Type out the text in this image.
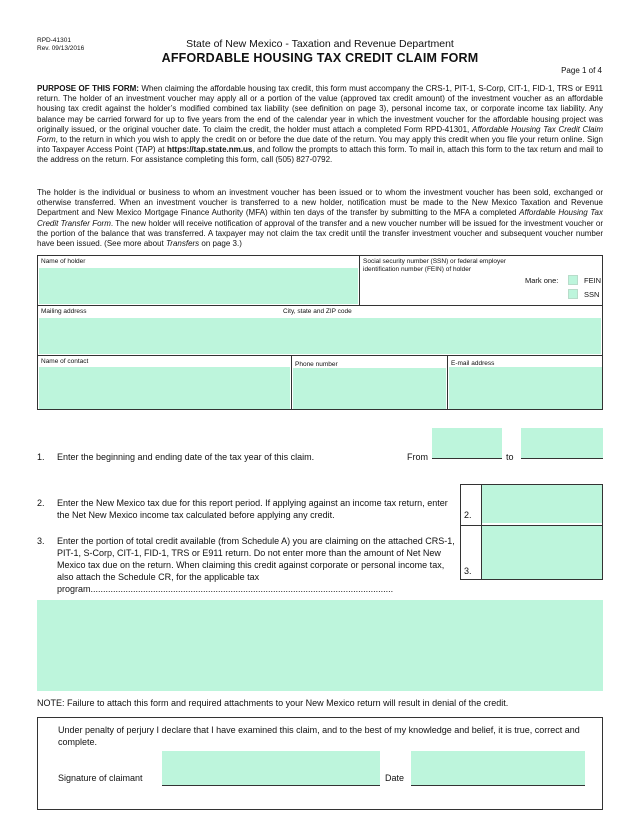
RPD-41301
Rev. 09/13/2016	State of New Mexico - Taxation and Revenue Department
AFFORDABLE HOUSING TAX CREDIT CLAIM FORM
Page 1 of 4
PURPOSE OF THIS FORM: When claiming the affordable housing tax credit, this form must accompany the CRS-1, PIT-1, S-Corp, CIT-1, FID-1, TRS or E911 return. The holder of an investment voucher may apply all or a portion of the value (approved tax credit amount) of the investment voucher as an affordable housing tax credit against the holder’s modified combined tax liability (see definition on page 3), personal income tax, or corporate income tax liability. Any balance may be carried forward for up to five years from the end of the calendar year in which the investment voucher for the affordable housing project was originally issued, or the original voucher date. To claim the credit, the holder must attach a completed Form RPD-41301, Affordable Housing Tax Credit Claim Form, to the return in which you wish to apply the credit on or before the due date of the return. You may apply this credit when you file your return online. Sign into Taxpayer Access Point (TAP) at https://tap.state.nm.us, and follow the prompts to attach this form. To mail in, attach this form to the tax return and mail to the address on the return. For assistance completing this form, call (505) 827-0792.
The holder is the individual or business to whom an investment voucher has been issued or to whom the investment voucher has been sold, exchanged or otherwise transferred. When an investment voucher is transferred to a new holder, notification must be made to the New Mexico Taxation and Revenue Department and New Mexico Mortgage Finance Authority (MFA) within ten days of the transfer by submitting to the MFA a completed Affordable Housing Tax Credit Transfer Form. The new holder will receive notification of approval of the transfer and a new voucher number will be issued for the investment voucher or the portion of the balance that was transferred. A taxpayer may not claim the tax credit until the transfer investment voucher and subsequent voucher number have been issued. (See more about Transfers on page 3.)
Name of holder	Social security number (SSN) or federal employer identification number (FEIN) of holder
Mark one:	FEIN
SSN
Mailing address	City, state and ZIP code
Name of contact	Phone number	E-mail address
1. Enter the beginning and ending date of the tax year of this claim.	From	to
2. Enter the New Mexico tax due for this report period. If applying against an income tax return, enter the Net New Mexico income tax calculated before applying any credit.
3. Enter the portion of total credit available (from Schedule A) you are claiming on the attached CRS-1, PIT-1, S-Corp, CIT-1, FID-1, TRS or E911 return. Do not enter more than the amount of Net New Mexico tax due on the return. When claiming this credit against corporate or personal income tax, also attach the Schedule CR, for the applicable tax program.........................................................................................................................
2.
3.
NOTE: Failure to attach this form and required attachments to your New Mexico return will result in denial of the credit.
Under penalty of perjury I declare that I have examined this claim, and to the best of my knowledge and belief, it is true, correct and complete.
Signature of claimant	Date
